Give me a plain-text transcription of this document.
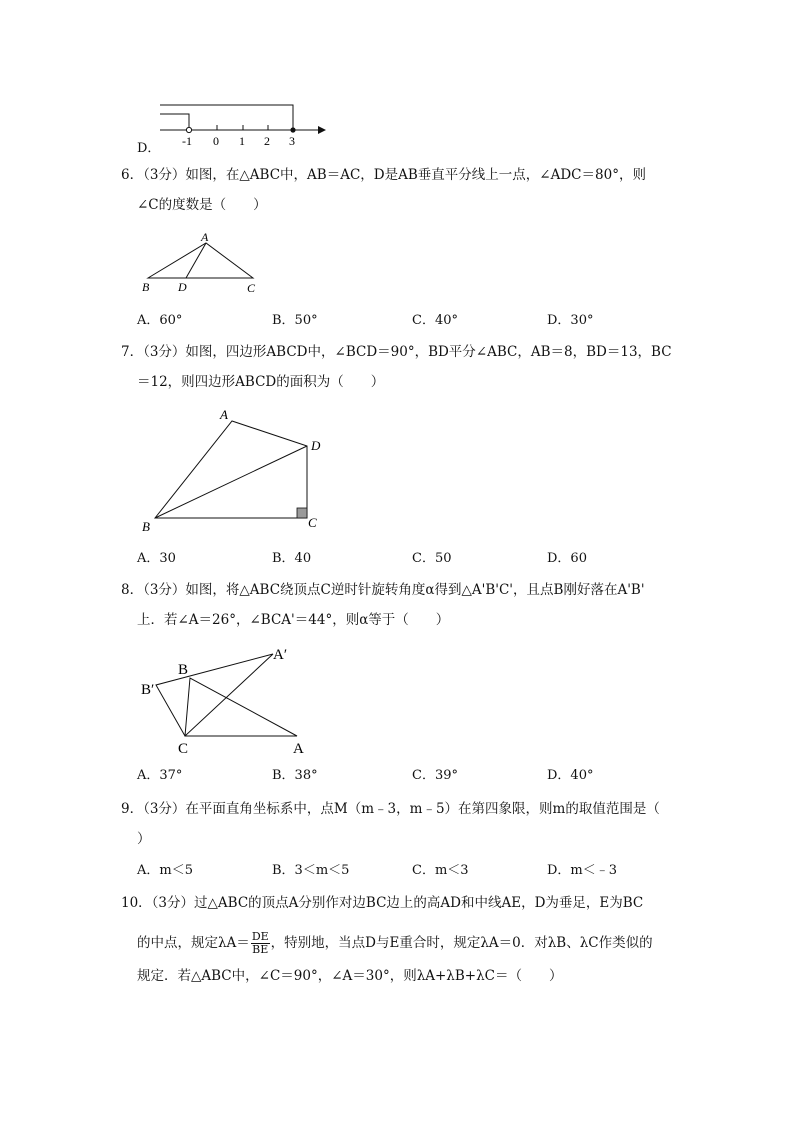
-1 0 1 2 3
D．
6．（3分）如图，在△ABC中，AB＝AC，D是AB垂直平分线上一点，∠ADC＝80°，则
∠C的度数是（　　）
A
B D	C
A．60°	B．50°	C．40°	D．30°
7．（3分）如图，四边形ABCD中，∠BCD＝90°，BD平分∠ABC，AB＝8，BD＝13，BC
＝12，则四边形ABCD的面积为（　　）
A
D
B	C
A．30	B．40	C．50	D．60
8．（3分）如图，将△ABC绕顶点C逆时针旋转角度α得到△A'B'C'，且点B刚好落在A'B'
上．若∠A＝26°，∠BCA'＝44°，则α等于（　　）
B
A′
B′
C	A
A．37°	B．38°	C．39°	D．40°
9．（3分）在平面直角坐标系中，点M（m﹣3，m﹣5）在第四象限，则m的取值范围是（
）
A．m＜5	B．3＜m＜5	C．m＜3	D．m＜﹣3
10．（3分）过△ABC的顶点A分别作对边BC边上的高AD和中线AE，D为垂足，E为BC
的中点，规定$\lambda A= \frac{DE}{BE}$ ，特别地，当点D与E重合时，规定λA＝0．对λB、λC作类似的
规定．若△ABC中，∠C＝90°，∠A＝30°，则λA+λB+λC＝（　　）
